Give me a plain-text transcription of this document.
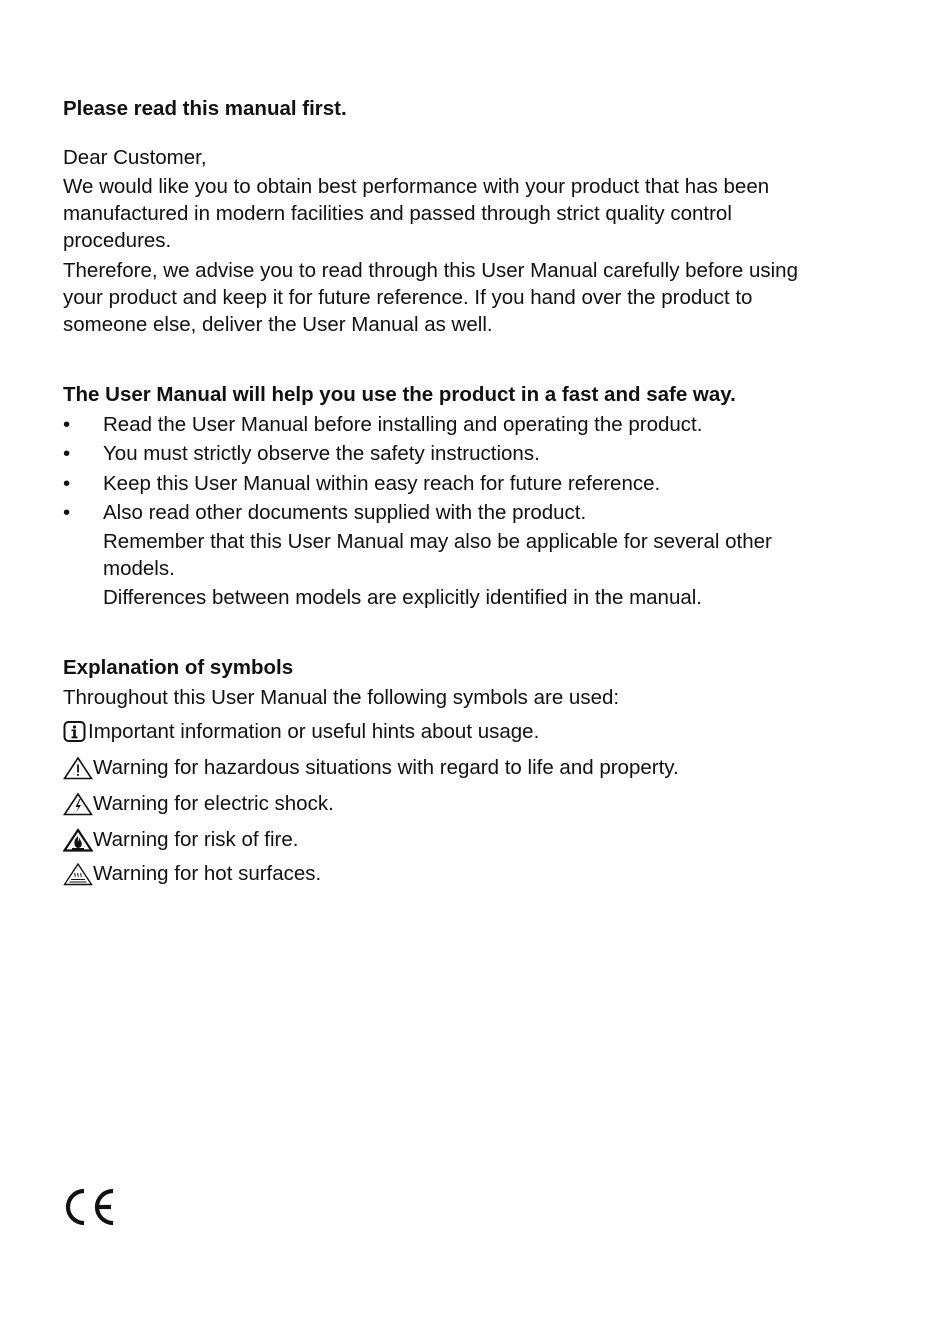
Please read this manual first.
Dear Customer,
We would like you to obtain best performance with your product that has been
manufactured in modern facilities and passed through strict quality control
procedures.
Therefore, we advise you to read through this User Manual carefully before using
your product and keep it for future reference. If you hand over the product to
someone else, deliver the User Manual as well.
The User Manual will help you use the product in a fast and safe way.
•	Read the User Manual before installing and operating the product.
•	You must strictly observe the safety instructions.
•	Keep this User Manual within easy reach for future reference.
•	Also read other documents supplied with the product.
Remember that this User Manual may also be applicable for several other
models.
Differences between models are explicitly identified in the manual.
Explanation of symbols
Throughout this User Manual the following symbols are used:
Important information or useful hints about usage.
Warning for hazardous situations with regard to life and property.
Warning for electric shock.
Warning for risk of fire.
Warning for hot surfaces.
